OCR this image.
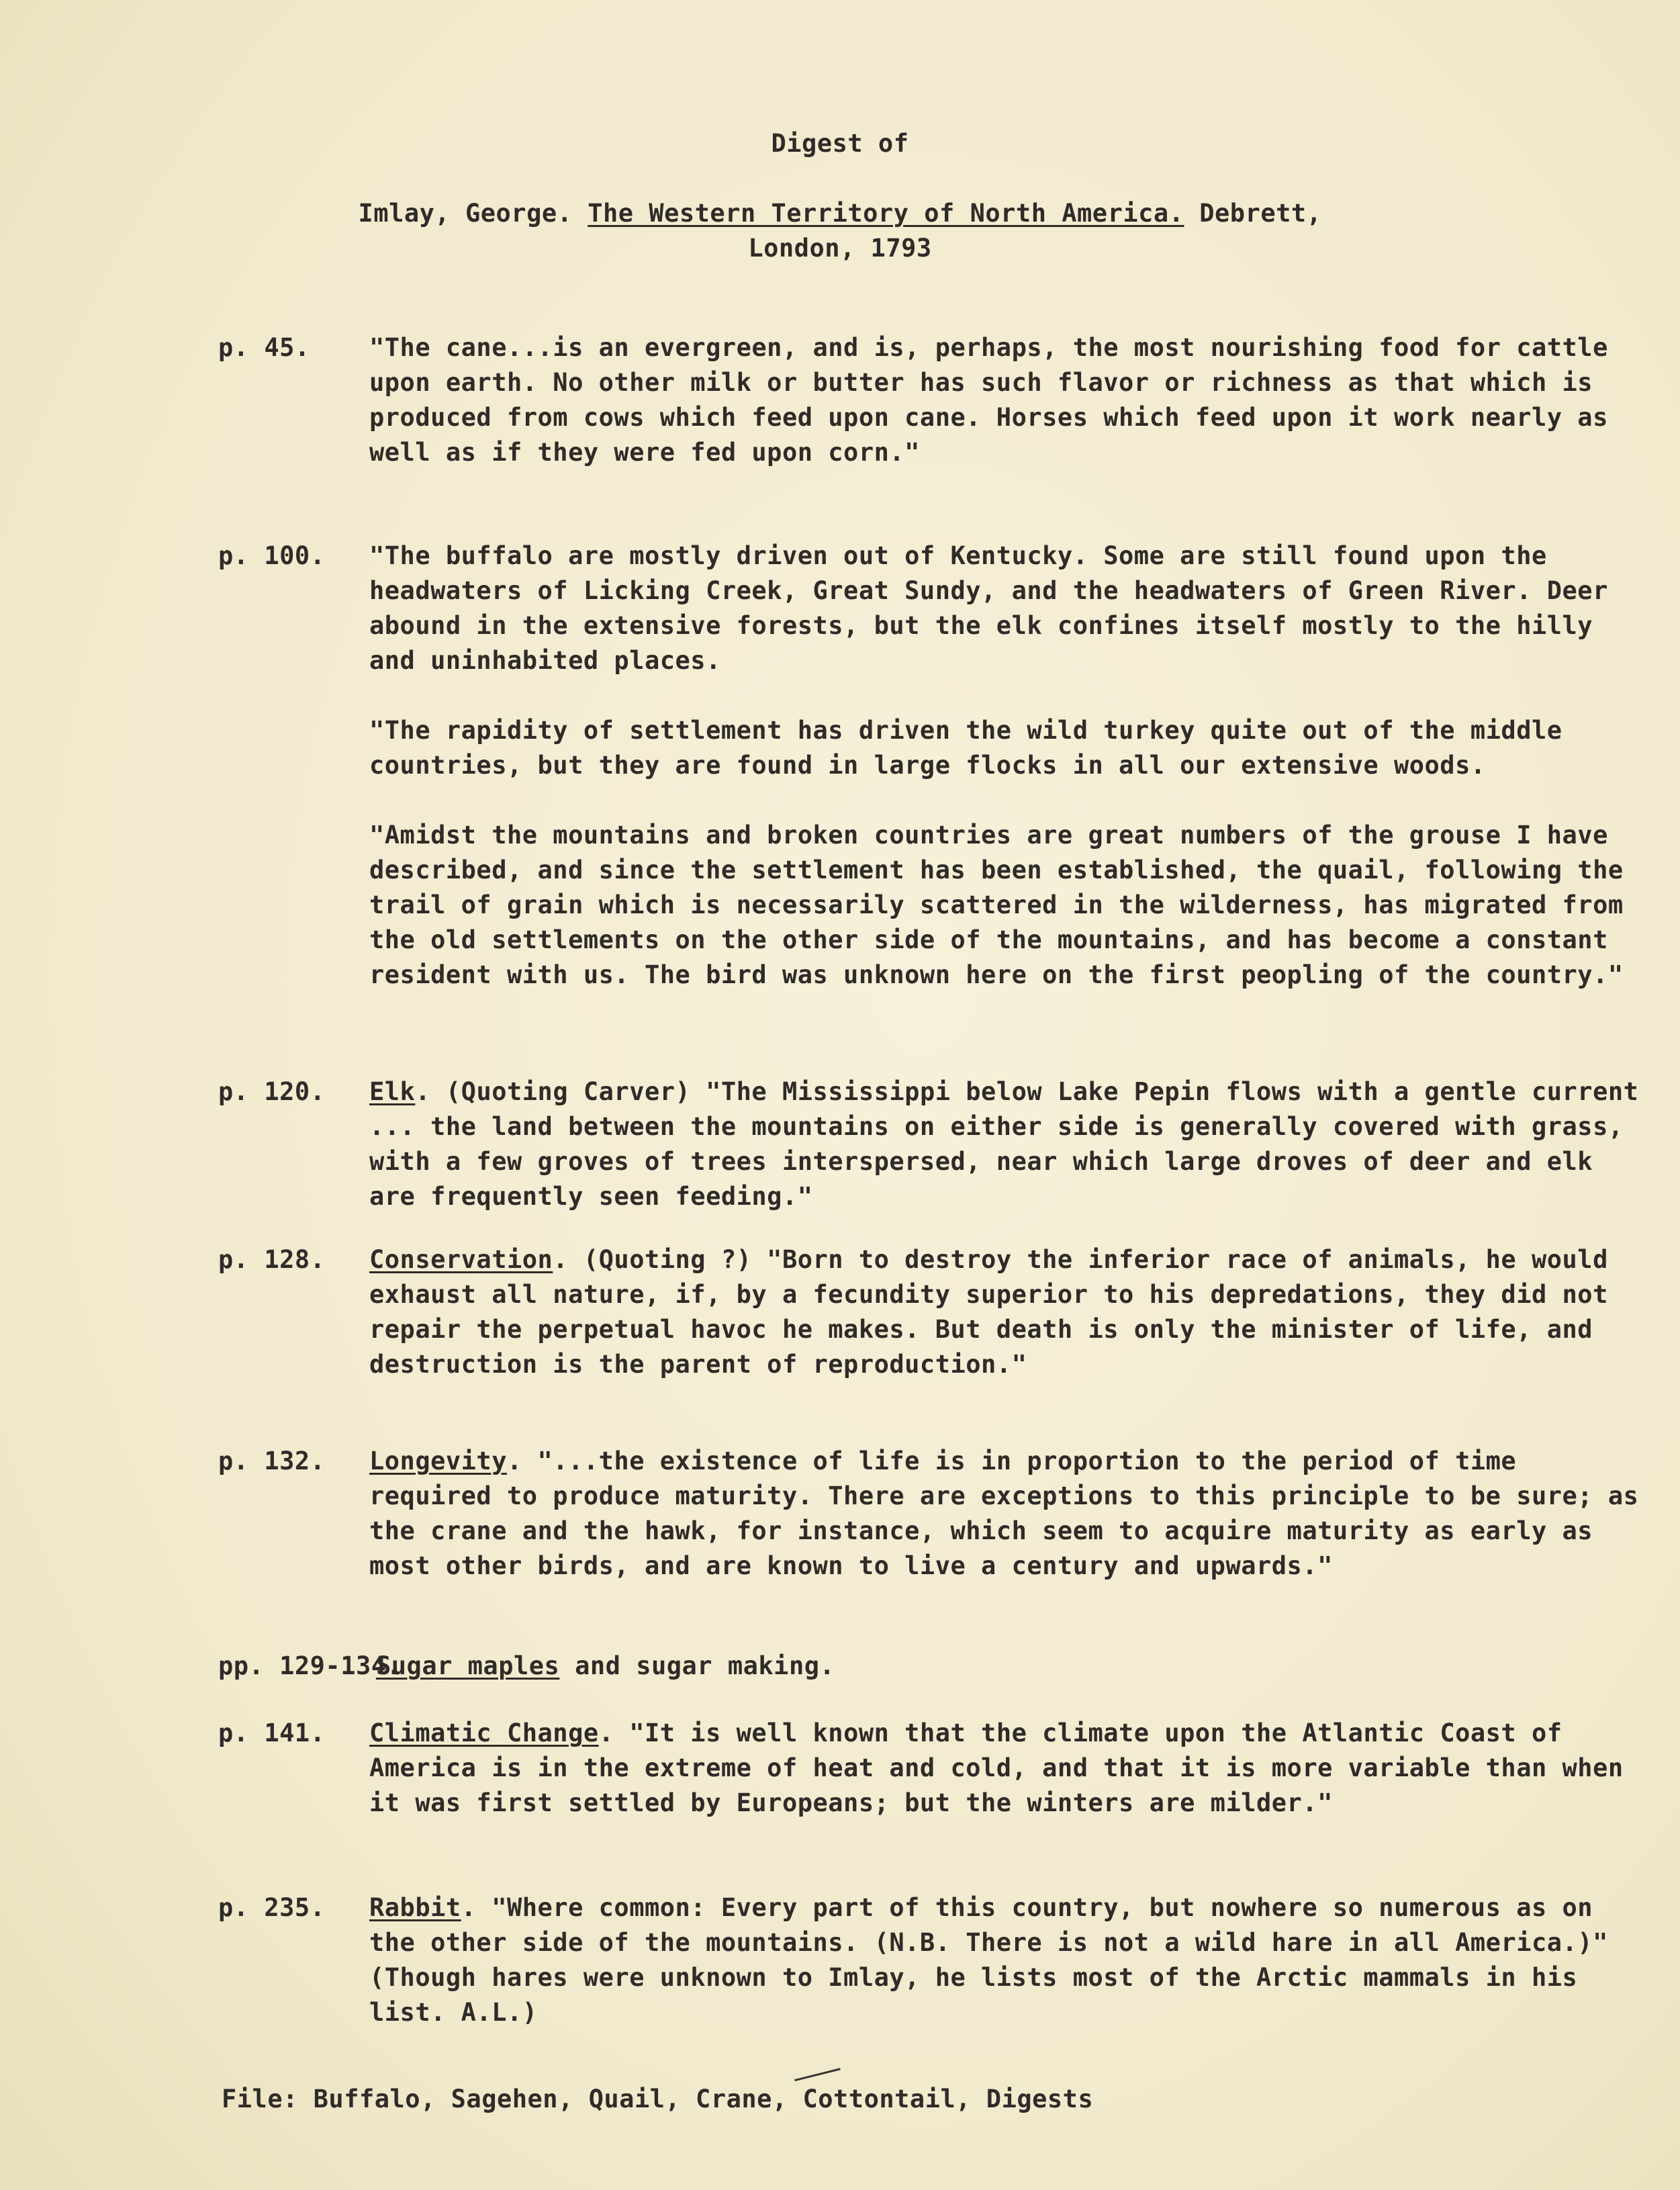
Digest of
Imlay, George. The Western Territory of North America. Debrett,
London, 1793
p. 45. "The cane...is an evergreen, and is, perhaps, the most nourishing food for cattle upon earth. No other milk or butter has such flavor or richness as that which is produced from cows which feed upon cane. Horses which feed upon it work nearly as well as if they were fed upon corn."

p. 100. "The buffalo are mostly driven out of Kentucky. Some are still found upon the headwaters of Licking Creek, Great Sundy, and the headwaters of Green River. Deer abound in the extensive forests, but the elk confines itself mostly to the hilly and uninhabited places.

"The rapidity of settlement has driven the wild turkey quite out of the middle countries, but they are found in large flocks in all our extensive woods.

"Amidst the mountains and broken countries are great numbers of the grouse I have described, and since the settlement has been established, the quail, following the trail of grain which is necessarily scattered in the wilderness, has migrated from the old settlements on the other side of the mountains, and has become a constant resident with us. The bird was unknown here on the first peopling of the country."

p. 120. Elk. (Quoting Carver) "The Mississippi below Lake Pepin flows with a gentle current ... the land between the mountains on either side is generally covered with grass, with a few groves of trees interspersed, near which large droves of deer and elk are frequently seen feeding."

p. 128. Conservation. (Quoting ?) "Born to destroy the inferior race of animals, he would exhaust all nature, if, by a fecundity superior to his depredations, they did not repair the perpetual havoc he makes. But death is only the minister of life, and destruction is the parent of reproduction."

p. 132. Longevity. "...the existence of life is in proportion to the period of time required to produce maturity. There are exceptions to this principle to be sure; as the crane and the hawk, for instance, which seem to acquire maturity as early as most other birds, and are known to live a century and upwards."

pp. 129-134.

Sugar maples and sugar making.

p. 141. Climatic Change. "It is well known that the climate upon the Atlantic Coast of America is in the extreme of heat and cold, and that it is more variable than when it was first settled by Europeans; but the winters are milder."

p. 235. Rabbit. "Where common: Every part of this country, but nowhere so numerous as on the other side of the mountains. (N.B. There is not a wild hare in all America.)" (Though hares were unknown to Imlay, he lists most of the Arctic mammals in his list. A.L.)

File: Buffalo, Sagehen, Quail, Crane, Cottontail, Digests
